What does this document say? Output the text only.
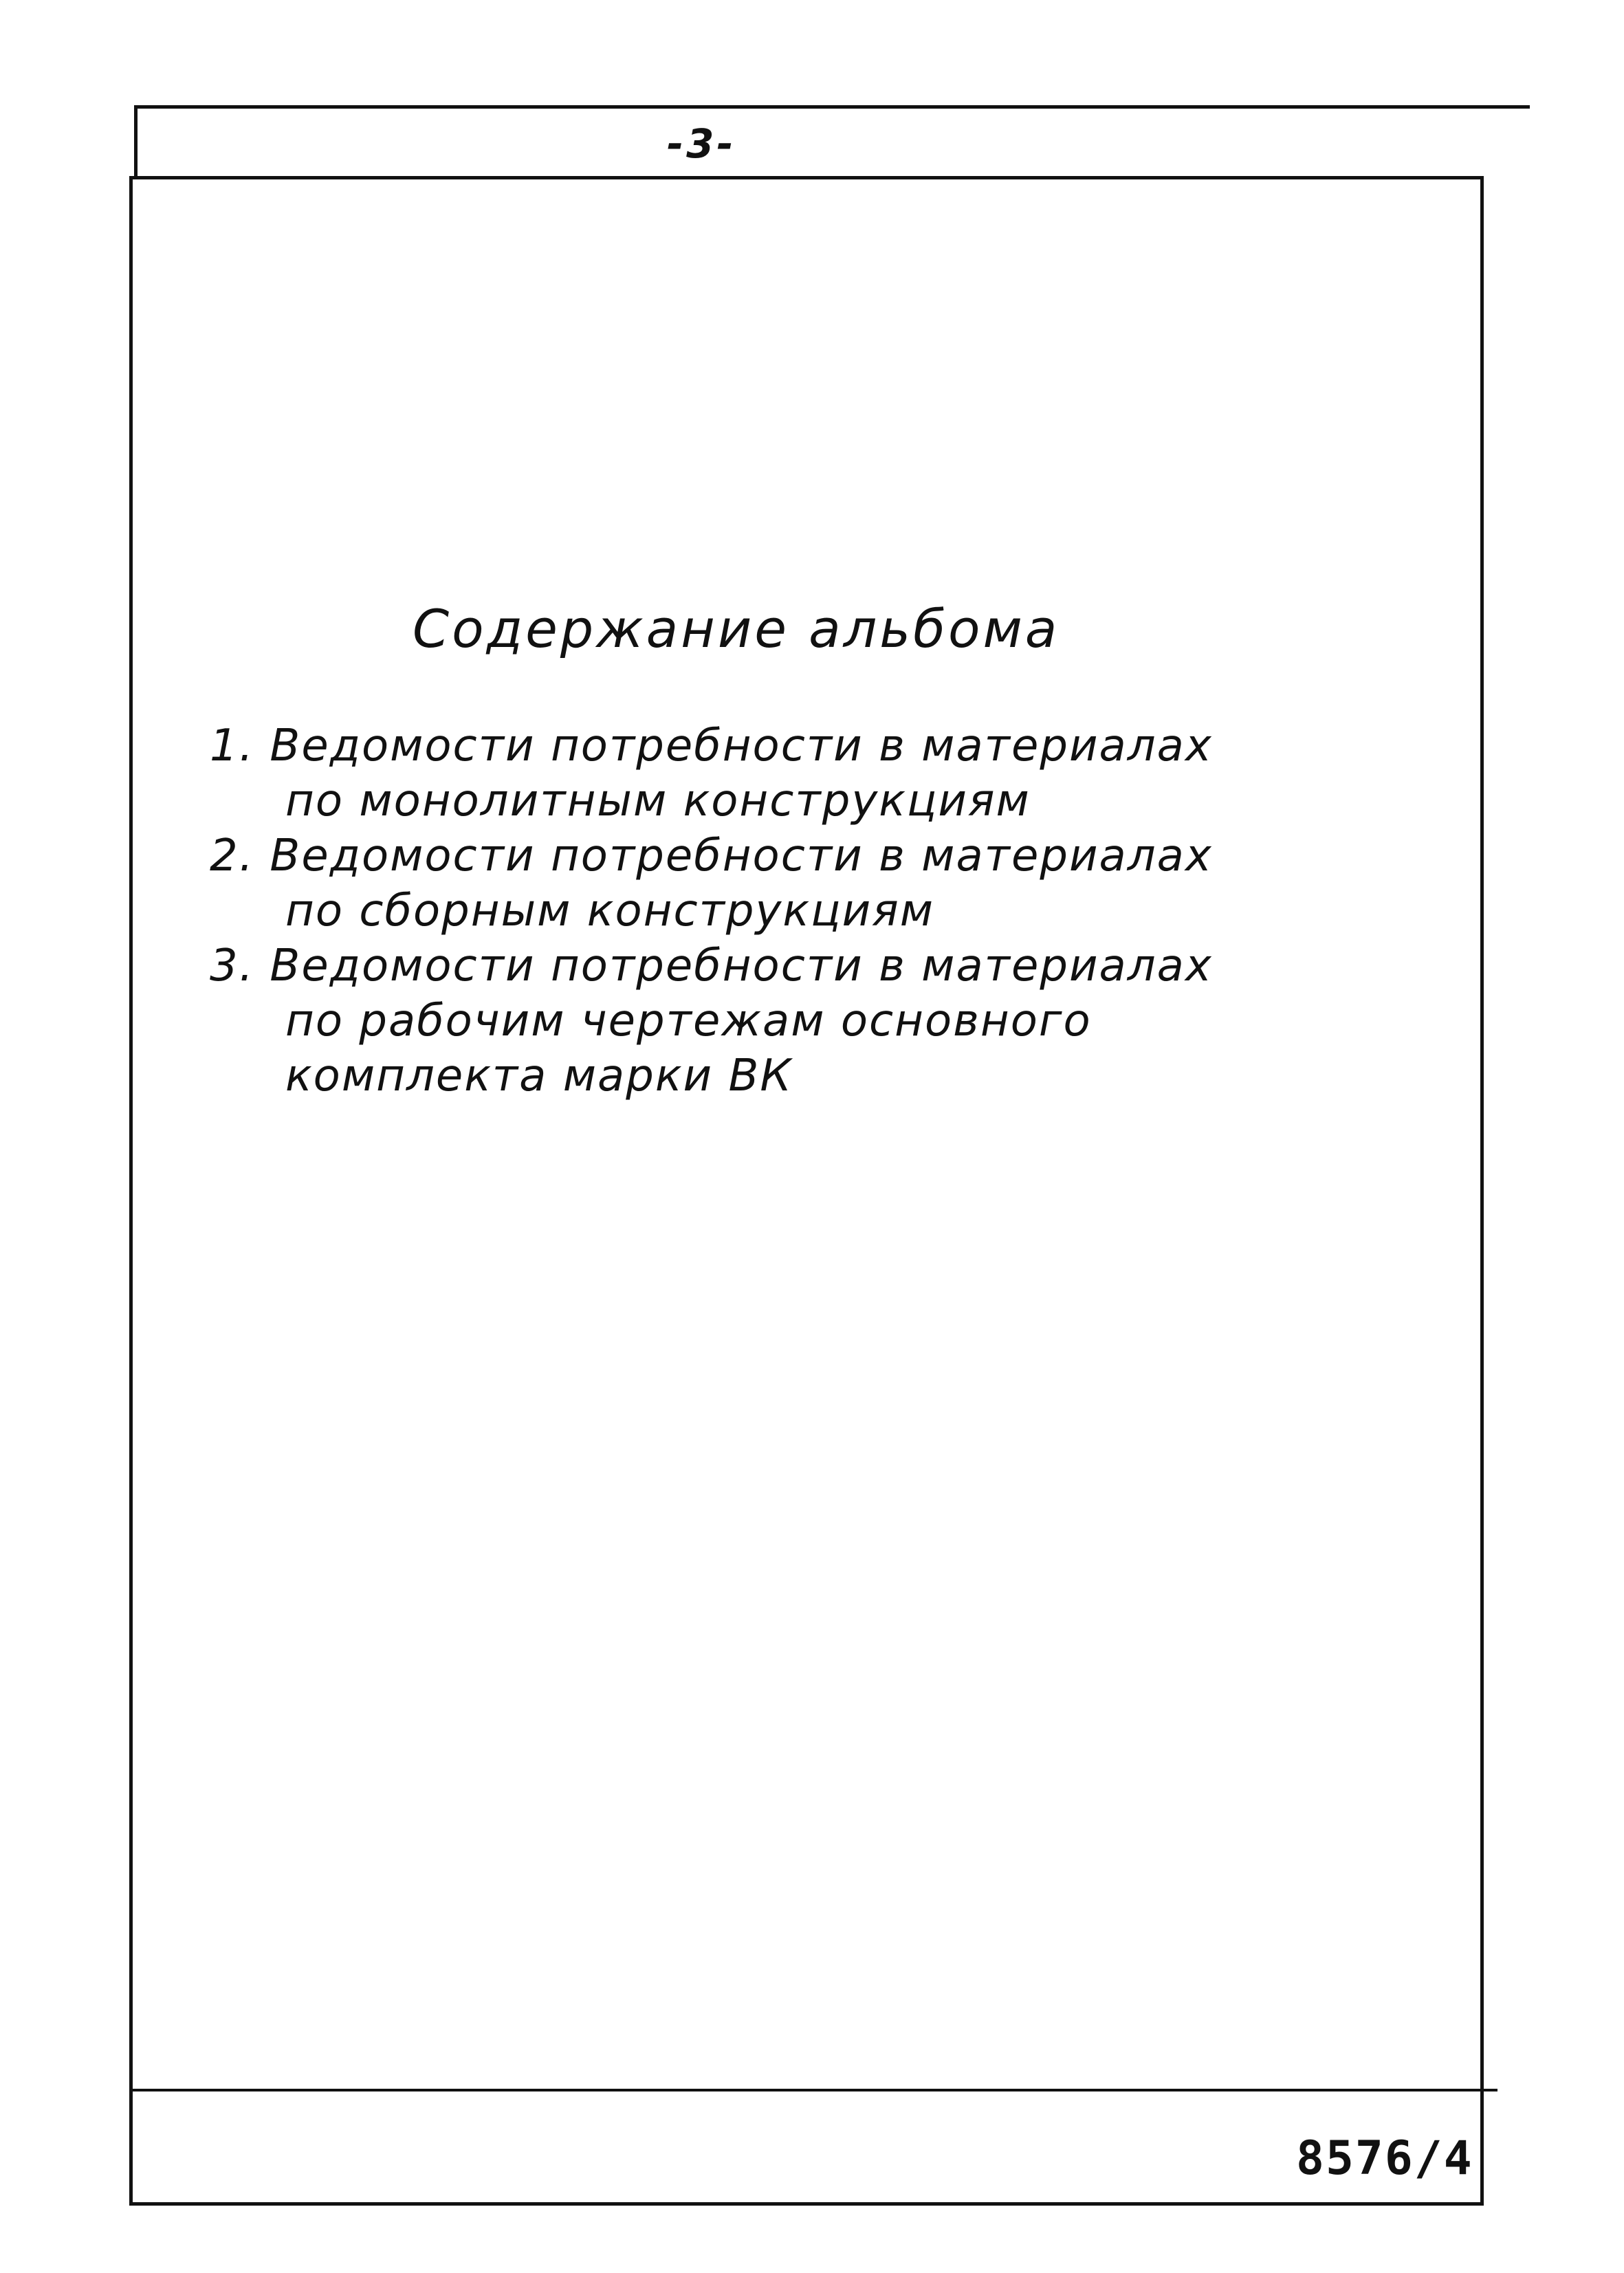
-3-
Содержание альбома
1. Ведомости потребности в материалах
по монолитным конструкциям
2. Ведомости потребности в материалах
по сборным конструкциям
3. Ведомости потребности в материалах
по рабочим чертежам основного
комплекта марки ВК
8576/4
